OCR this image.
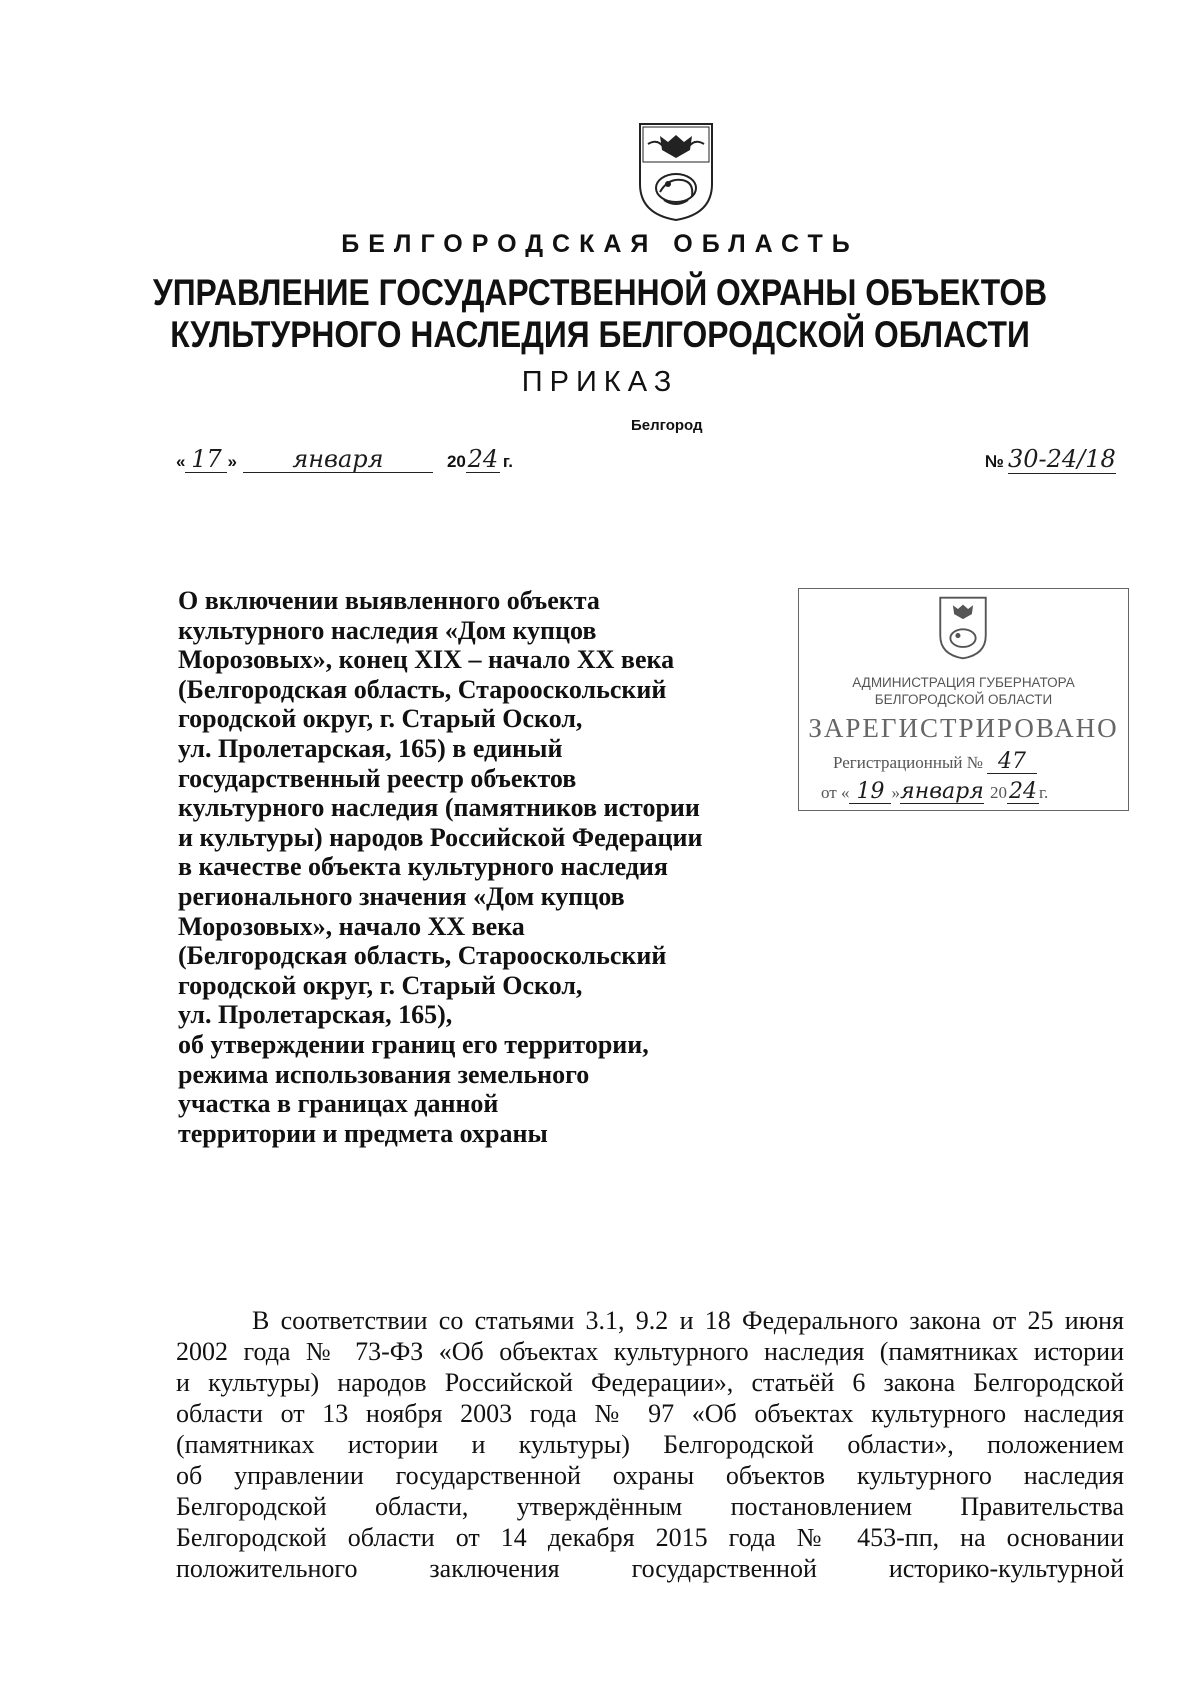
БЕЛГОРОДСКАЯ ОБЛАСТЬ
УПРАВЛЕНИЕ ГОСУДАРСТВЕННОЙ ОХРАНЫ ОБЪЕКТОВ
КУЛЬТУРНОГО НАСЛЕДИЯ БЕЛГОРОДСКОЙ ОБЛАСТИ
ПРИКАЗ
Белгород
« 17 » января	2024 г.	№ 30-24/18
АДМИНИСТРАЦИЯ ГУБЕРНАТОРА
БЕЛГОРОДСКОЙ ОБЛАСТИ
ЗАРЕГИСТРИРОВАНО
Регистрационный № 47
от « 19 »января 2024 г.
О включении выявленного объекта
культурного наследия «Дом купцов
Морозовых», конец XIX – начало XX века
(Белгородская область, Старооскольский
городской округ, г. Старый Оскол,
ул. Пролетарская, 165) в единый
государственный реестр объектов
культурного наследия (памятников истории
и культуры) народов Российской Федерации
в качестве объекта культурного наследия
регионального значения «Дом купцов
Морозовых», начало XX века
(Белгородская область, Старооскольский
городской округ, г. Старый Оскол,
ул. Пролетарская, 165),
об утверждении границ его территории,
режима использования земельного
участка в границах данной
территории и предмета охраны
В соответствии со статьями 3.1, 9.2 и 18 Федерального закона от 25 июня
2002 года № 73-ФЗ «Об объектах культурного наследия (памятниках истории
и культуры) народов Российской Федерации», статьёй 6 закона Белгородской
области от 13 ноября 2003 года № 97 «Об объектах культурного наследия
(памятниках истории и культуры) Белгородской области», положением
об управлении государственной охраны объектов культурного наследия
Белгородской области, утверждённым постановлением Правительства
Белгородской области от 14 декабря 2015 года № 453-пп, на основании
положительного заключения государственной историко-культурной
